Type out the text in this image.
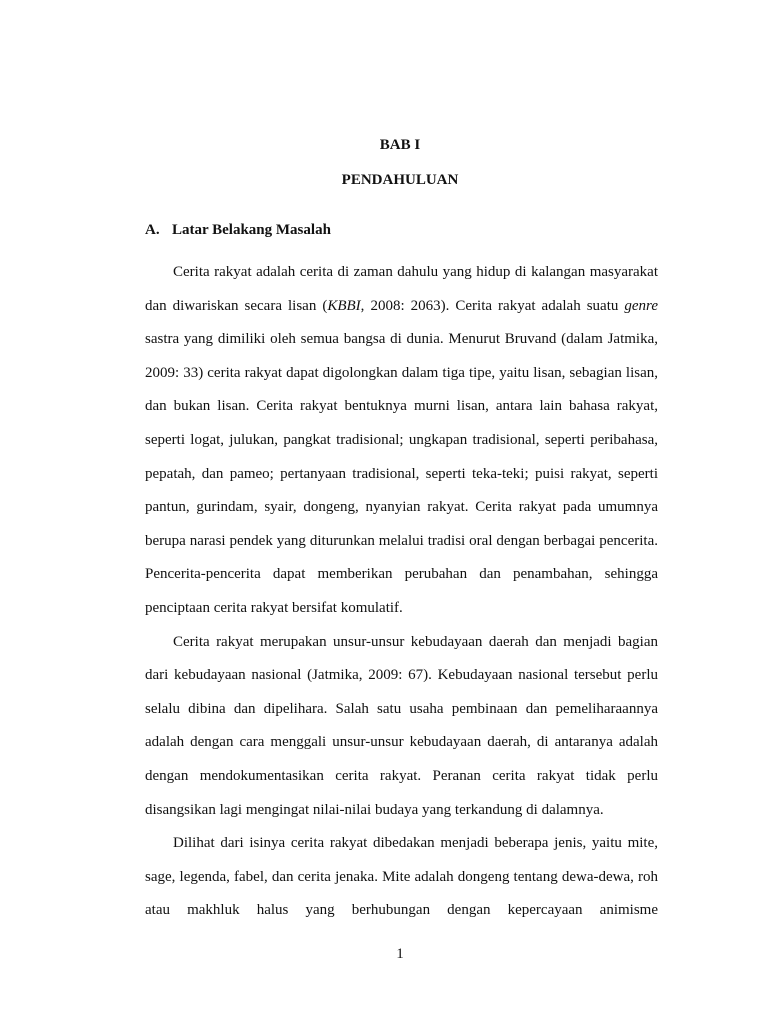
BAB I
PENDAHULUAN
A. Latar Belakang Masalah

Cerita rakyat adalah cerita di zaman dahulu yang hidup di kalangan masyarakat dan diwariskan secara lisan (KBBI, 2008: 2063). Cerita rakyat adalah suatu genre sastra yang dimiliki oleh semua bangsa di dunia. Menurut Bruvand (dalam Jatmika, 2009: 33) cerita rakyat dapat digolongkan dalam tiga tipe, yaitu lisan, sebagian lisan, dan bukan lisan. Cerita rakyat bentuknya murni lisan, antara lain bahasa rakyat, seperti logat, julukan, pangkat tradisional; ungkapan tradisional, seperti peribahasa, pepatah, dan pameo; pertanyaan tradisional, seperti teka-teki; puisi rakyat, seperti pantun, gurindam, syair, dongeng, nyanyian rakyat. Cerita rakyat pada umumnya berupa narasi pendek yang diturunkan melalui tradisi oral dengan berbagai pencerita. Pencerita-pencerita dapat memberikan perubahan dan penambahan, sehingga penciptaan cerita rakyat bersifat komulatif.

Cerita rakyat merupakan unsur-unsur kebudayaan daerah dan menjadi bagian dari kebudayaan nasional (Jatmika, 2009: 67). Kebudayaan nasional tersebut perlu selalu dibina dan dipelihara. Salah satu usaha pembinaan dan pemeliharaannya adalah dengan cara menggali unsur-unsur kebudayaan daerah, di antaranya adalah dengan mendokumentasikan cerita rakyat. Peranan cerita rakyat tidak perlu disangsikan lagi mengingat nilai-nilai budaya yang terkandung di dalamnya.

Dilihat dari isinya cerita rakyat dibedakan menjadi beberapa jenis, yaitu mite, sage, legenda, fabel, dan cerita jenaka. Mite adalah dongeng tentang dewa-dewa, roh atau makhluk halus yang berhubungan dengan kepercayaan animisme

1
